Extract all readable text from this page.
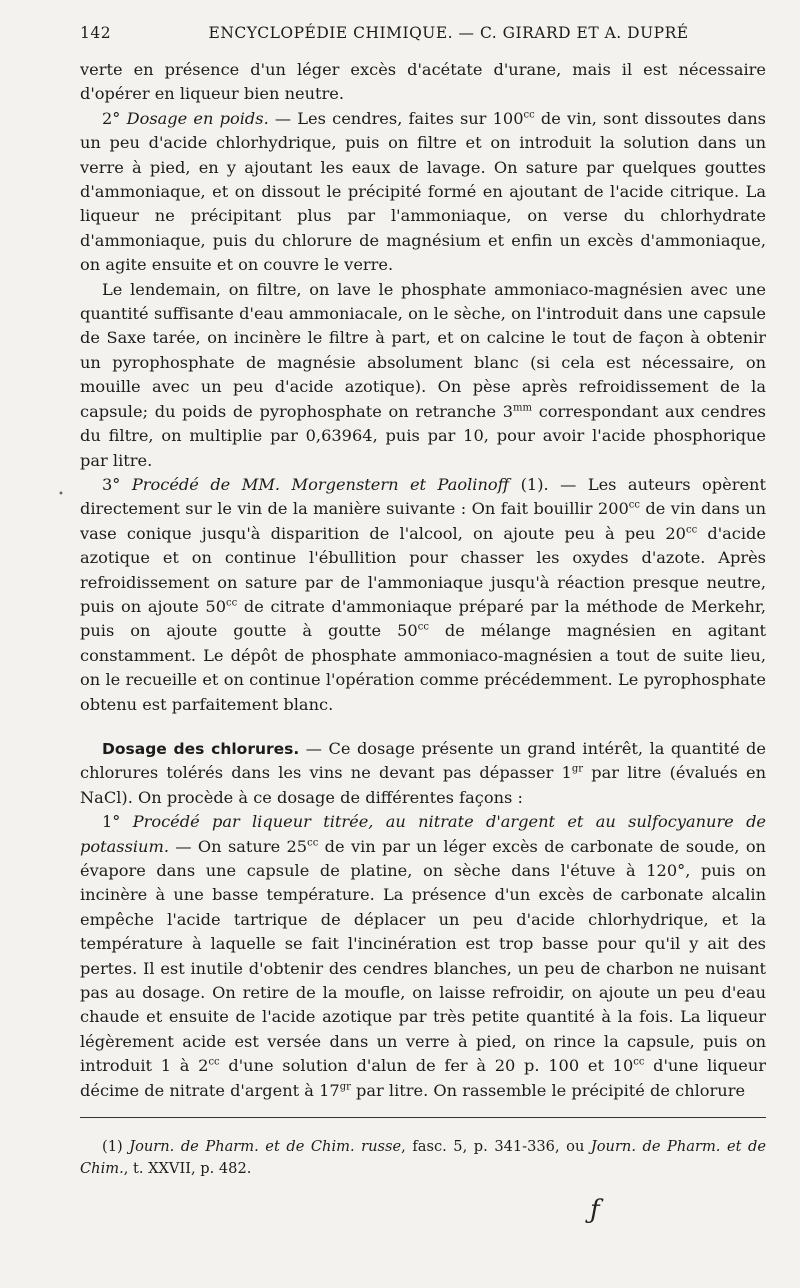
142	ENCYCLOPÉDIE CHIMIQUE. — C. GIRARD ET A. DUPRÉ

verte en présence d'un léger excès d'acétate d'urane, mais il est nécessaire d'opérer en liqueur bien neutre.

2° Dosage en poids. — Les cendres, faites sur $100^{cc}$ de vin, sont dissoutes dans un peu d'acide chlorhydrique, puis on filtre et on introduit la solution dans un verre à pied, en y ajoutant les eaux de lavage. On sature par quelques gouttes d'ammoniaque, et on dissout le précipité formé en ajoutant de l'acide citrique. La liqueur ne précipitant plus par l'ammoniaque, on verse du chlorhydrate d'ammoniaque, puis du chlorure de magnésium et enfin un excès d'ammoniaque, on agite ensuite et on couvre le verre.

Le lendemain, on filtre, on lave le phosphate ammoniaco-magnésien avec une quantité suffisante d'eau ammoniacale, on le sèche, on l'introduit dans une capsule de Saxe tarée, on incinère le filtre à part, et on calcine le tout de façon à obtenir un pyrophosphate de magnésie absolument blanc (si cela est nécessaire, on mouille avec un peu d'acide azotique). On pèse après refroidissement de la capsule; du poids de pyrophosphate on retranche $3^{mm}$ correspondant aux cendres du filtre, on multiplie par 0,63964, puis par 10, pour avoir l'acide phosphorique par litre.

3° Procédé de MM. Morgenstern et Paolinoff (1). — Les auteurs opèrent directement sur le vin de la manière suivante : On fait bouillir $200^{cc}$ de vin dans un vase conique jusqu'à disparition de l'alcool, on ajoute peu à peu $20^{cc}$ d'acide azotique et on continue l'ébullition pour chasser les oxydes d'azote. Après refroidissement on sature par de l'ammoniaque jusqu'à réaction presque neutre, puis on ajoute $50^{cc}$ de citrate d'ammoniaque préparé par la méthode de Merkehr, puis on ajoute goutte à goutte $50^{cc}$ de mélange magnésien en agitant constamment. Le dépôt de phosphate ammoniaco-magnésien a tout de suite lieu, on le recueille et on continue l'opération comme précédemment. Le pyrophosphate obtenu est parfaitement blanc.

Dosage des chlorures. — Ce dosage présente un grand intérêt, la quantité de chlorures tolérés dans les vins ne devant pas dépasser $1^{gr}$ par litre (évalués en NaCl). On procède à ce dosage de différentes façons :

1° Procédé par liqueur titrée, au nitrate d'argent et au sulfocyanure de potassium. — On sature $25^{cc}$ de vin par un léger excès de carbonate de soude, on évapore dans une capsule de platine, on sèche dans l'étuve à 120°, puis on incinère à une basse température. La présence d'un excès de carbonate alcalin empêche l'acide tartrique de déplacer un peu d'acide chlorhydrique, et la température à laquelle se fait l'incinération est trop basse pour qu'il y ait des pertes. Il est inutile d'obtenir des cendres blanches, un peu de charbon ne nuisant pas au dosage. On retire de la moufle, on laisse refroidir, on ajoute un peu d'eau chaude et ensuite de l'acide azotique par très petite quantité à la fois. La liqueur légèrement acide est versée dans un verre à pied, on rince la capsule, puis on introduit 1 à $2^{cc}$ d'une solution d'alun de fer à 20 p. 100 et $10^{cc}$ d'une liqueur décime de nitrate d'argent à $17^{gr}$ par litre. On rassemble le précipité de chlorure

(1) Journ. de Pharm. et de Chim. russe, fasc. 5, p. 341-336, ou Journ. de Pharm. et de Chim., t. XXVII, p. 482.

•
ƒ
